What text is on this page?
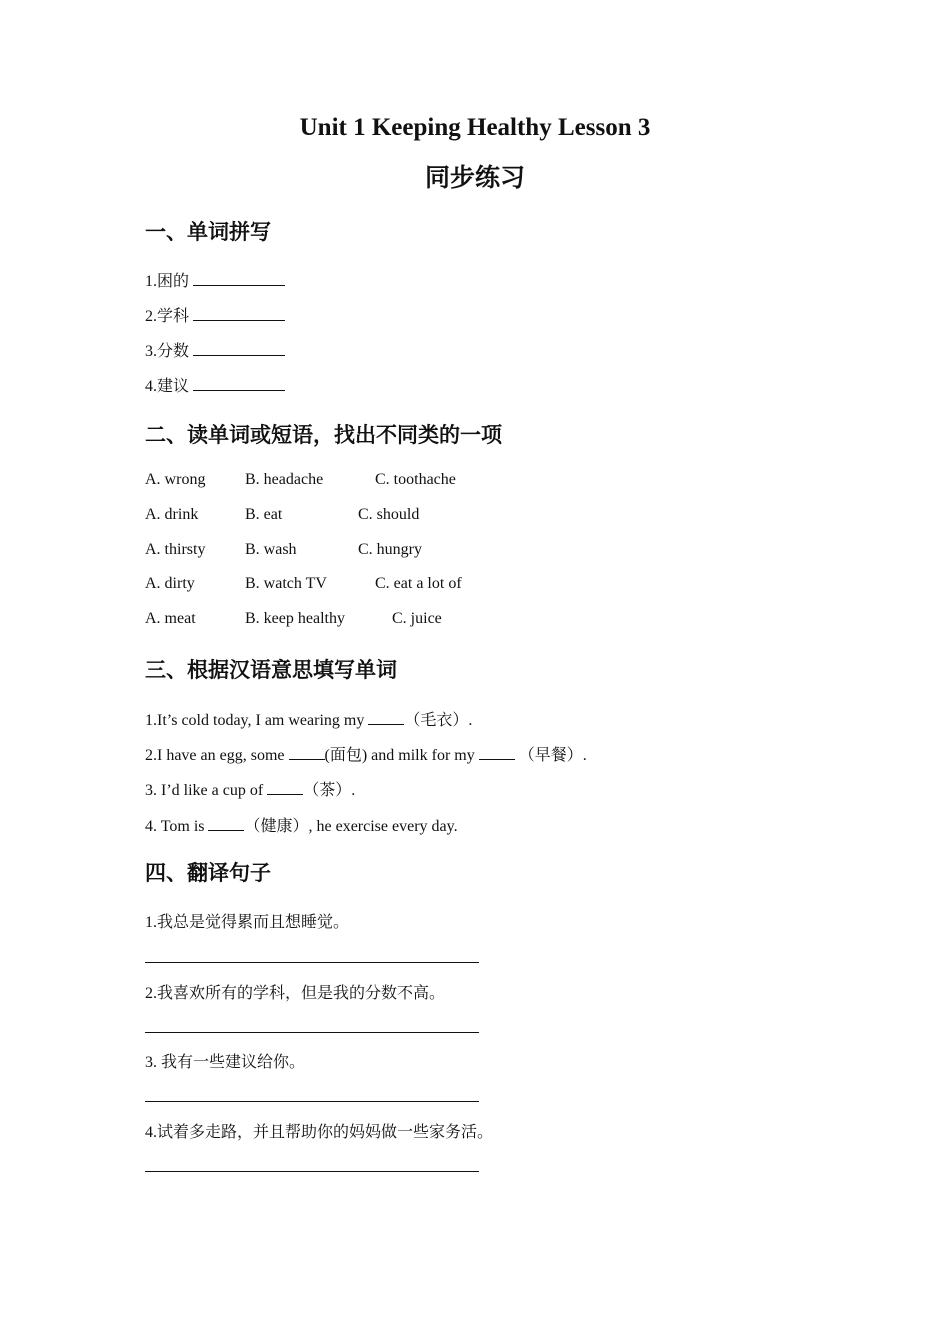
Unit 1 Keeping Healthy Lesson 3
同步练习
一、单词拼写
1.困的
2.学科
3.分数
4.建议
二、读单词或短语，找出不同类的一项
A. wrong B. headache	C. toothache
A. drink	B. eat	C. should
A. thirsty B. wash	C. hungry
A. dirty	B. watch TV	C. eat a lot of
A. meat	B. keep healthy	C. juice
三、根据汉语意思填写单词
1.It’s cold today, I am wearing my （毛衣）.
2.I have an egg, some (面包) and milk for my  （早餐）.
3. I’d like a cup of （茶）.
4. Tom is （健康）, he exercise every day.
四、翻译句子
1.我总是觉得累而且想睡觉。
2.我喜欢所有的学科，但是我的分数不高。
3. 我有一些建议给你。
4.试着多走路，并且帮助你的妈妈做一些家务活。
